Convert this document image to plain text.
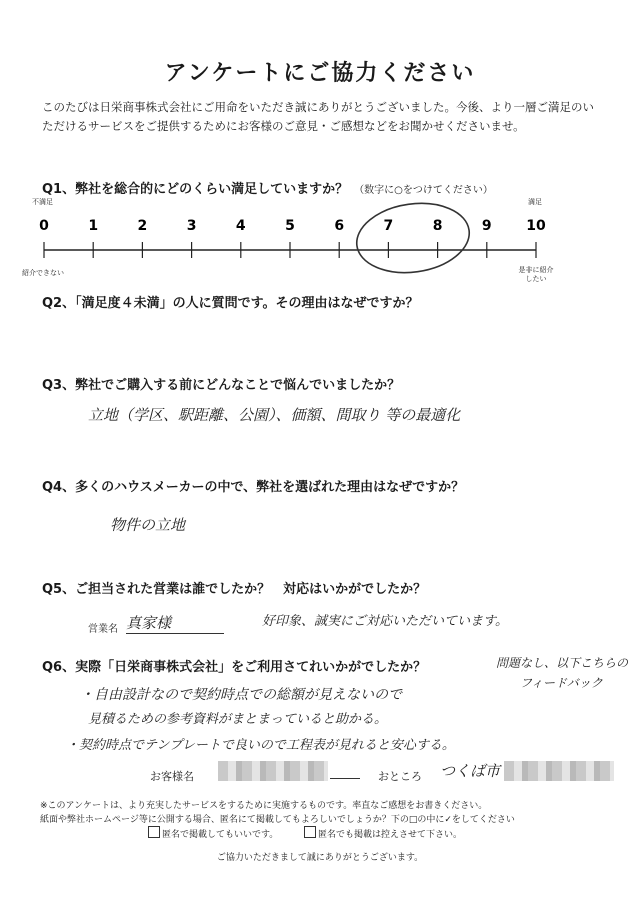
アンケートにご協力ください
このたびは日栄商事株式会社にご用命をいただき誠にありがとうございました。今後、より一層ご満足のいただけるサービスをご提供するためにお客様のご意見・ご感想などをお聞かせくださいませ。
Q1、弊社を総合的にどのくらい満足していますか？ （数字に○をつけてください）
不満足	満足
紹介できない	是非に紹介したい
0	1	2	3	4	5	6	7	8	9 10
Q2、「満足度４未満」の人に質問です。その理由はなぜですか？
Q3、弊社でご購入する前にどんなことで悩んでいましたか？
立地（学区、駅距離、公園）、価額、間取り 等の最適化
Q4、多くのハウスメーカーの中で、弊社を選ばれた理由はなぜですか？
物件の立地
Q5、ご担当された営業は誰でしたか？　対応はいかがでしたか？
営業名 真家様	好印象、誠実にご対応いただいています。
Q6、実際「日栄商事株式会社」をご利用さてれいかがでしたか？	問題なし、以下こちらの
フィードバック
・自由設計なので契約時点での総額が見えないので
見積るための参考資料がまとまっていると助かる。
・契約時点でテンプレートで良いので工程表が見れると安心する。
お客様名	おところ つくば市
※このアンケートは、より充実したサービスをするために実施するものです。率直なご感想をお書きください。
紙面や弊社ホームページ等に公開する場合、匿名にて掲載してもよろしいでしょうか？下の□の中に✓をしてください
匿名で掲載してもいいです。	匿名でも掲載は控えさせて下さい。
ご協力いただきまして誠にありがとうございます。
